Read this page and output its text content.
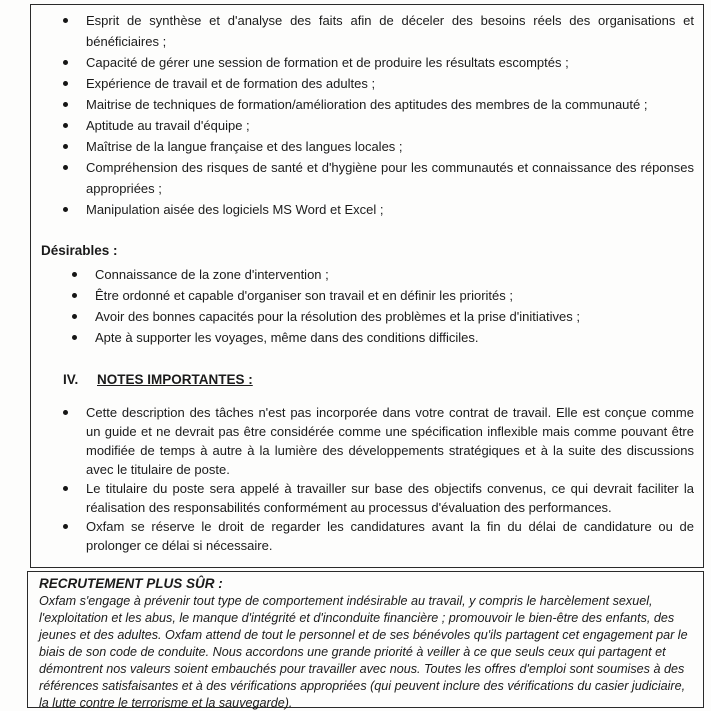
Esprit de synthèse et d'analyse des faits afin de déceler des besoins réels des organisations et bénéficiaires ;
Capacité de gérer une session de formation et de produire les résultats escomptés ;
Expérience de travail et de formation des adultes ;
Maitrise de techniques de formation/amélioration des aptitudes des membres de la communauté ;
Aptitude au travail d'équipe ;
Maîtrise de la langue française et des langues locales ;
Compréhension des risques de santé et d'hygiène pour les communautés et connaissance des réponses appropriées ;
Manipulation aisée des logiciels MS Word et Excel ;
Désirables :
Connaissance de la zone d'intervention ;
Être ordonné et capable d'organiser son travail et en définir les priorités ;
Avoir des bonnes capacités pour la résolution des problèmes et la prise d'initiatives ;
Apte à supporter les voyages, même dans des conditions difficiles.
IV. NOTES IMPORTANTES :
Cette description des tâches n'est pas incorporée dans votre contrat de travail. Elle est conçue comme un guide et ne devrait pas être considérée comme une spécification inflexible mais comme pouvant être modifiée de temps à autre à la lumière des développements stratégiques et à la suite des discussions avec le titulaire de poste.
Le titulaire du poste sera appelé à travailler sur base des objectifs convenus, ce qui devrait faciliter la réalisation des responsabilités conformément au processus d'évaluation des performances.
Oxfam se réserve le droit de regarder les candidatures avant la fin du délai de candidature ou de prolonger ce délai si nécessaire.
RECRUTEMENT PLUS SÛR :

Oxfam s'engage à prévenir tout type de comportement indésirable au travail, y compris le harcèlement sexuel, l'exploitation et les abus, le manque d'intégrité et d'inconduite financière ; promouvoir le bien-être des enfants, des jeunes et des adultes. Oxfam attend de tout le personnel et de ses bénévoles qu'ils partagent cet engagement par le biais de son code de conduite. Nous accordons une grande priorité à veiller à ce que seuls ceux qui partagent et démontrent nos valeurs soient embauchés pour travailler avec nous. Toutes les offres d'emploi sont soumises à des références satisfaisantes et à des vérifications appropriées (qui peuvent inclure des vérifications du casier judiciaire, la lutte contre le terrorisme et la sauvegarde).
